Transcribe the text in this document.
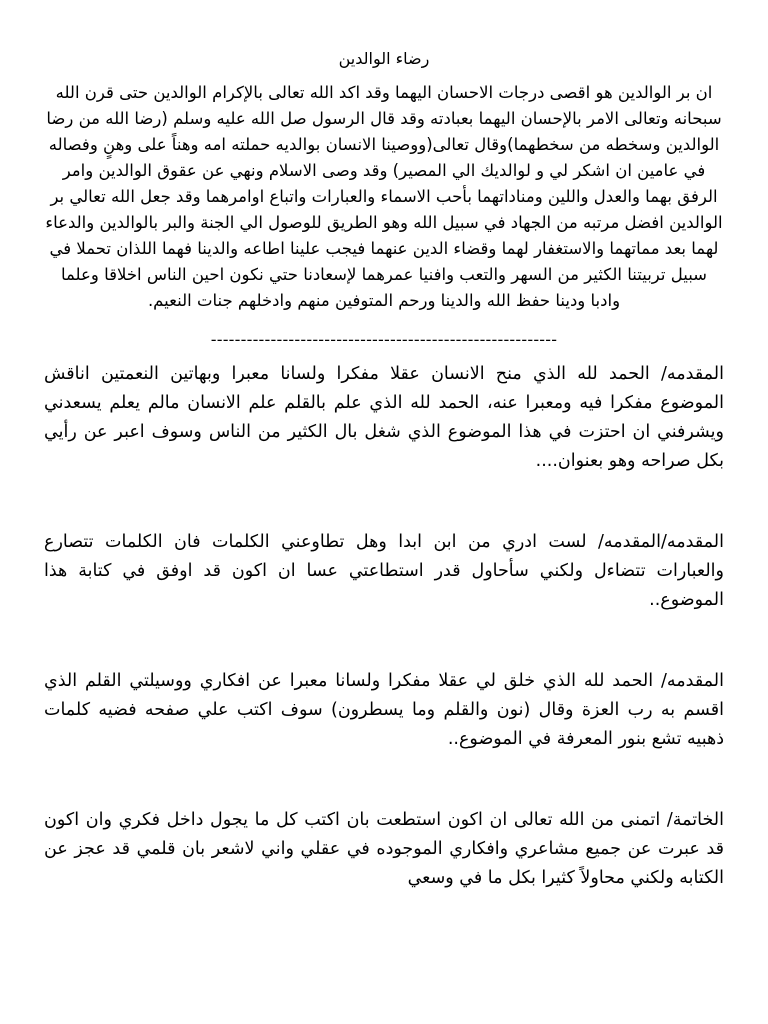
رضاء الوالدين

ان بر الوالدين هو اقصى درجات الاحسان اليهما وقد اكد الله تعالى بالإكرام الوالدين حتى قرن الله سبحانه وتعالى الامر بالإحسان اليهما بعبادته وقد قال الرسول صل الله عليه وسلم (رضا الله من رضا الوالدين وسخطه من سخطهما)وقال تعالى(ووصينا الانسان بوالديه حملته امه وهناً على وهنٍ وفصاله في عامين ان اشكر لي و لوالديك الي المصير) وقد وصى الاسلام ونهي عن عقوق الوالدين وامر الرفق بهما والعدل واللين ومناداتهما بأحب الاسماء والعبارات واتباع اوامرهما وقد جعل الله تعالي بر الوالدين افضل مرتبه من الجهاد في سبيل الله وهو الطريق للوصول الي الجنة والبر بالوالدين والدعاء لهما بعد مماتهما والاستغفار لهما وقضاء الدين عنهما فيجب علينا اطاعه والدينا فهما اللذان تحملا في سبيل تربيتنا الكثير من السهر والتعب وافنيا عمرهما لإسعادنا حتي نكون احين الناس اخلاقا وعلما وادبا ودينا حفظ الله والدينا ورحم المتوفين منهم وادخلهم جنات النعيم.

----------------------------------------------------------

المقدمه/ الحمد لله الذي منح الانسان عقلا مفكرا ولسانا معبرا وبهاتين النعمتين اناقش الموضوع مفكرا فيه ومعبرا عنه، الحمد لله الذي علم بالقلم علم الانسان مالم يعلم يسعدني ويشرفني ان احتزت في هذا الموضوع الذي شغل بال الكثير من الناس وسوف اعبر عن رأيي بكل صراحه وهو بعنوان....

المقدمه/المقدمه/ لست ادري من ابن ابدا وهل تطاوعني الكلمات فان الكلمات تتصارع والعبارات تتضاءل ولكني سأحاول قدر استطاعتي عسا ان اكون قد اوفق في كتابة هذا الموضوع..

المقدمه/ الحمد لله الذي خلق لي عقلا مفكرا ولسانا معبرا عن افكاري ووسيلتي القلم الذي اقسم به رب العزة وقال (نون والقلم وما يسطرون) سوف اكتب علي صفحه فضيه كلمات ذهبيه تشع بنور المعرفة في الموضوع..

الخاتمة/ اتمنى من الله تعالى ان اكون استطعت بان اكتب كل ما يجول داخل فكري وان اكون قد عبرت عن جميع مشاعري وافكاري الموجوده في عقلي واني لاشعر بان قلمي قد عجز عن الكتابه ولكني محاولاً كثيرا بكل ما في وسعي
